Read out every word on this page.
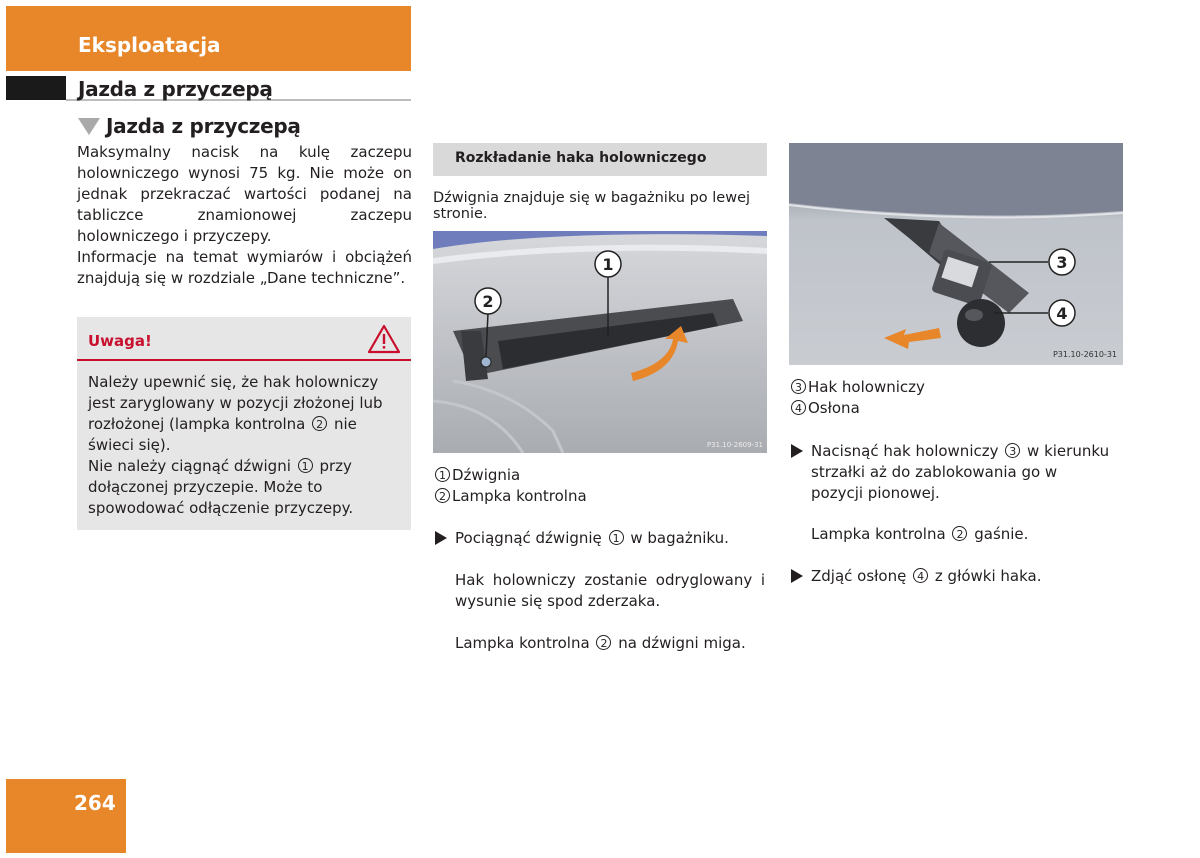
Eksploatacja
Jazda z przyczepą
Jazda z przyczepą
Maksymalny nacisk na kulę zaczepu holowniczego wynosi 75 kg. Nie może on jednak przekraczać wartości podanej na tabliczce znamionowej zaczepu holowniczego i przyczepy.
Informacje na temat wymiarów i obciążeń znajdują się w rozdziale „Dane techniczne”.
Uwaga!
Należy upewnić się, że hak holowniczy jest zaryglowany w pozycji złożonej lub rozłożonej (lampka kontrolna 2 nie świeci się).
Nie należy ciągnąć dźwigni 1 przy dołączonej przyczepie. Może to spowodować odłączenie przyczepy.
Rozkładanie haka holowniczego
Dźwignia znajduje się w bagażniku po lewej stronie.
1
2
P31.10-2609-31
1 Dźwignia
2 Lampka kontrolna
Pociągnąć dźwignię 1 w bagażniku.
Hak holowniczy zostanie odryglowany i wysunie się spod zderzaka.
Lampka kontrolna 2 na dźwigni miga.
3
4
P31.10-2610-31
3 Hak holowniczy
4 Osłona
Nacisnąć hak holowniczy 3 w kierunku strzałki aż do zablokowania go w pozycji pionowej.
Lampka kontrolna 2 gaśnie.
Zdjąć osłonę 4 z główki haka.
264
